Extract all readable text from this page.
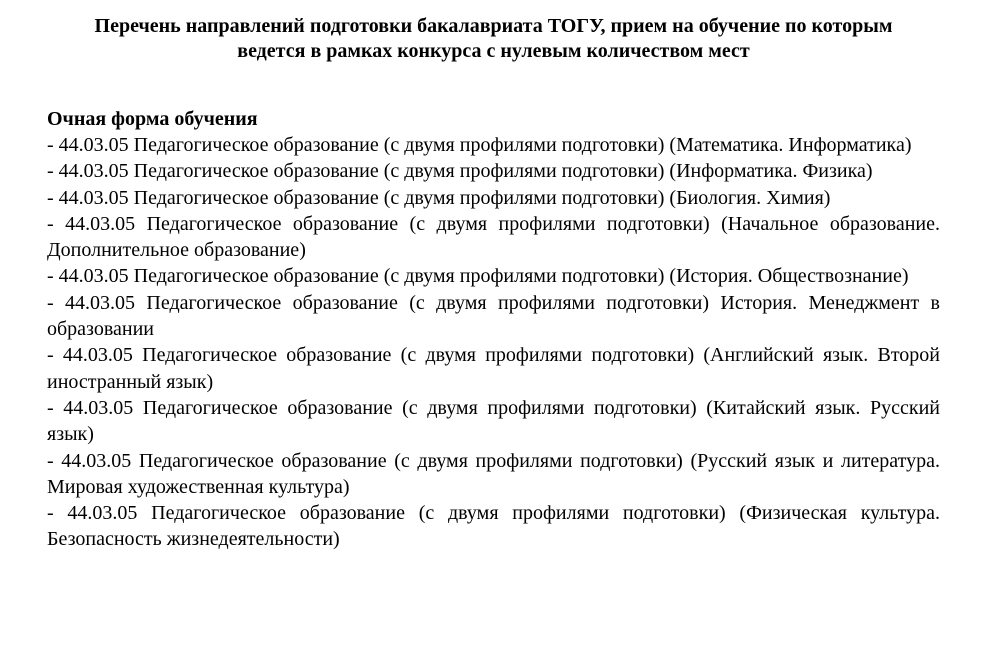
Перечень направлений подготовки бакалавриата ТОГУ, прием на обучение по которым
ведется в рамках конкурса с нулевым количеством мест
Очная форма обучения
- 44.03.05 Педагогическое образование (с двумя профилями подготовки) (Математика. Информатика)
- 44.03.05 Педагогическое образование (с двумя профилями подготовки) (Информатика. Физика)
- 44.03.05 Педагогическое образование (с двумя профилями подготовки) (Биология. Химия)
- 44.03.05 Педагогическое образование (с двумя профилями подготовки) (Начальное образование. Дополнительное образование)
- 44.03.05 Педагогическое образование (с двумя профилями подготовки) (История. Обществознание)
- 44.03.05 Педагогическое образование (с двумя профилями подготовки) История. Менеджмент в образовании
- 44.03.05 Педагогическое образование (с двумя профилями подготовки) (Английский язык. Второй иностранный язык)
- 44.03.05 Педагогическое образование (с двумя профилями подготовки) (Китайский язык. Русский язык)
- 44.03.05 Педагогическое образование (с двумя профилями подготовки) (Русский язык и литература. Мировая художественная культура)
- 44.03.05 Педагогическое образование (с двумя профилями подготовки) (Физическая культура. Безопасность жизнедеятельности)
